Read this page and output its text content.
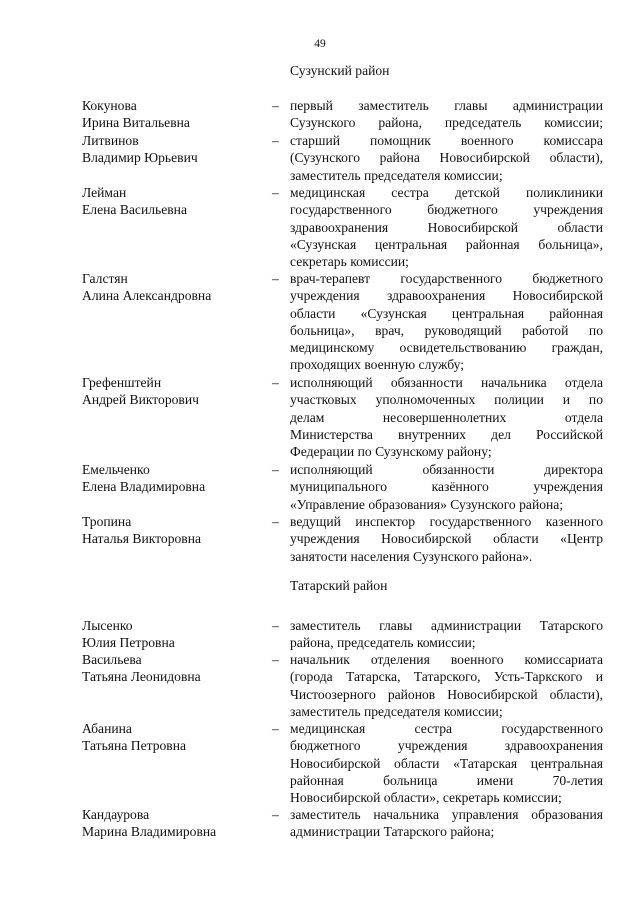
49
Сузунский район
Кокунова
Ирина Витальевна
– первый заместитель главы администрации
Сузунского района, председатель комиссии;
Литвинов
Владимир Юрьевич
– старший помощник военного комиссара
(Сузунского района Новосибирской области),
заместитель председателя комиссии;
Лейман
Елена Васильевна
– медицинская сестра детской поликлиники
государственного бюджетного учреждения
здравоохранения Новосибирской области
«Сузунская центральная районная больница»,
секретарь комиссии;
Галстян
Алина Александровна
– врач-терапевт государственного бюджетного
учреждения здравоохранения Новосибирской
области «Сузунская центральная районная
больница», врач, руководящий работой по
медицинскому освидетельствованию граждан,
проходящих военную службу;
Грефенштейн
Андрей Викторович
– исполняющий обязанности начальника отдела
участковых уполномоченных полиции и по
делам несовершеннолетних отдела
Министерства внутренних дел Российской
Федерации по Сузунскому району;
Емельченко
Елена Владимировна
– исполняющий обязанности директора
муниципального казённого учреждения
«Управление образования» Сузунского района;
Тропина
Наталья Викторовна
– ведущий инспектор государственного казенного
учреждения Новосибирской области «Центр
занятости населения Сузунского района».
Татарский район
Лысенко
Юлия Петровна
– заместитель главы администрации Татарского
района, председатель комиссии;
Васильева
Татьяна Леонидовна
– начальник отделения военного комиссариата
(города Татарска, Татарского, Усть-Таркского и
Чистоозерного районов Новосибирской области),
заместитель председателя комиссии;
Абанина
Татьяна Петровна
– медицинская сестра государственного
бюджетного учреждения здравоохранения
Новосибирской области «Татарская центральная
районная больница имени 70-летия
Новосибирской области», секретарь комиссии;
Кандаурова
Марина Владимировна
– заместитель начальника управления образования
администрации Татарского района;
